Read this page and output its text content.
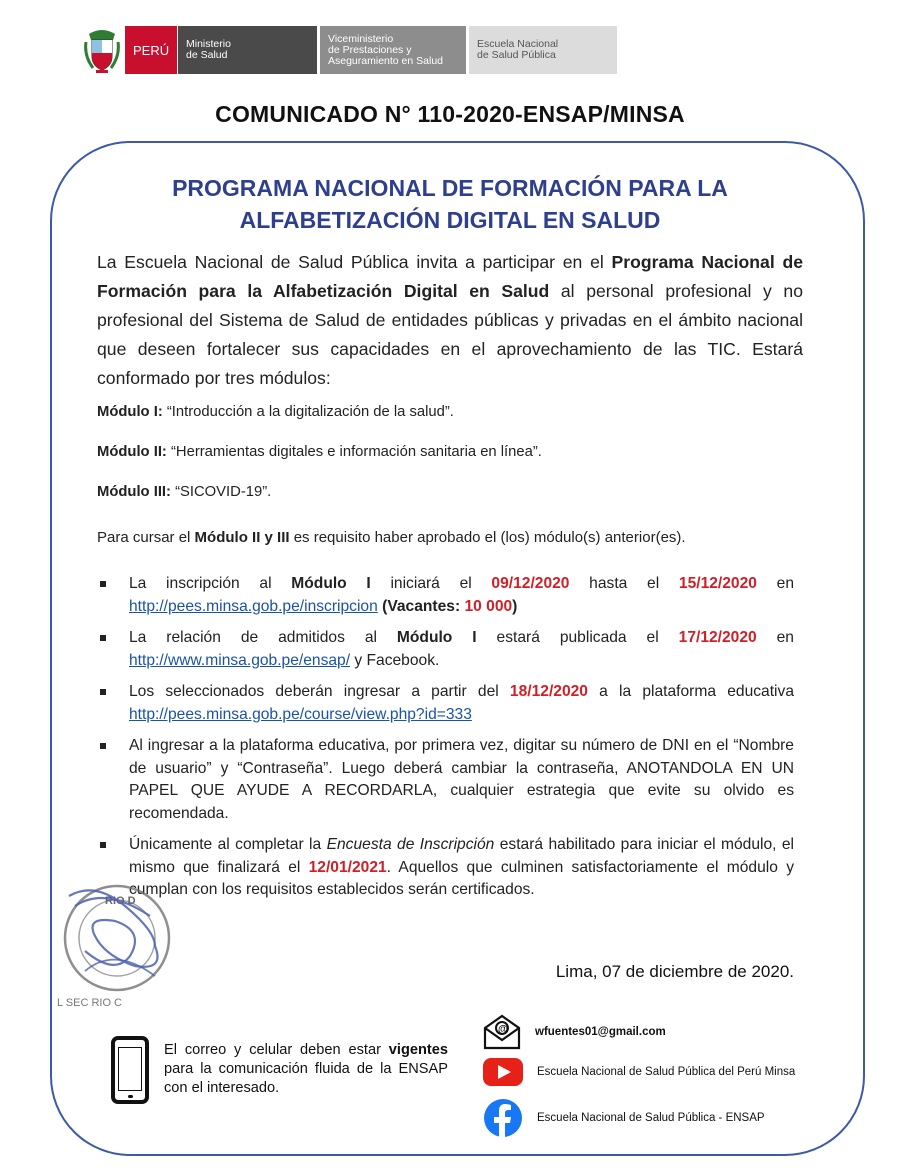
PERÚ	Ministerio
de Salud
Viceministerio
de Prestaciones y
Aseguramiento en Salud
Escuela Nacional
de Salud Pública
COMUNICADO N° 110-2020-ENSAP/MINSA
PROGRAMA NACIONAL DE FORMACIÓN PARA LA
ALFABETIZACIÓN DIGITAL EN SALUD
La Escuela Nacional de Salud Pública invita a participar en el Programa Nacional de Formación para la Alfabetización Digital en Salud al personal profesional y no profesional del Sistema de Salud de entidades públicas y privadas en el ámbito nacional que deseen fortalecer sus capacidades en el aprovechamiento de las TIC. Estará conformado por tres módulos:
Módulo I: “Introducción a la digitalización de la salud”.
Módulo II: “Herramientas digitales e información sanitaria en línea”.
Módulo III: “SICOVID-19”.
Para cursar el Módulo II y III es requisito haber aprobado el (los) módulo(s) anterior(es).
La inscripción al Módulo I iniciará el 09/12/2020 hasta el 15/12/2020 en http://pees.minsa.gob.pe/inscripcion (Vacantes: 10 000)
La relación de admitidos al Módulo I estará publicada el 17/12/2020 en http://www.minsa.gob.pe/ensap/ y Facebook.
Los seleccionados deberán ingresar a partir del 18/12/2020 a la plataforma educativa http://pees.minsa.gob.pe/course/view.php?id=333
Al ingresar a la plataforma educativa, por primera vez, digitar su número de DNI en el “Nombre de usuario” y “Contraseña”. Luego deberá cambiar la contraseña, ANOTANDOLA EN UN PAPEL QUE AYUDE A RECORDARLA, cualquier estrategia que evite su olvido es recomendada.
Únicamente al completar la Encuesta de Inscripción estará habilitado para iniciar el módulo, el mismo que finalizará el 12/01/2021. Aquellos que culminen satisfactoriamente el módulo y cumplan con los requisitos establecidos serán certificados.
RIO D
L SEC RIO C
Lima, 07 de diciembre de 2020.
El correo y celular deben estar vigentes para la comunicación fluida de la ENSAP con el interesado.
@ wfuentes01@gmail.com
Escuela Nacional de Salud Pública del Perú Minsa
Escuela Nacional de Salud Pública - ENSAP
